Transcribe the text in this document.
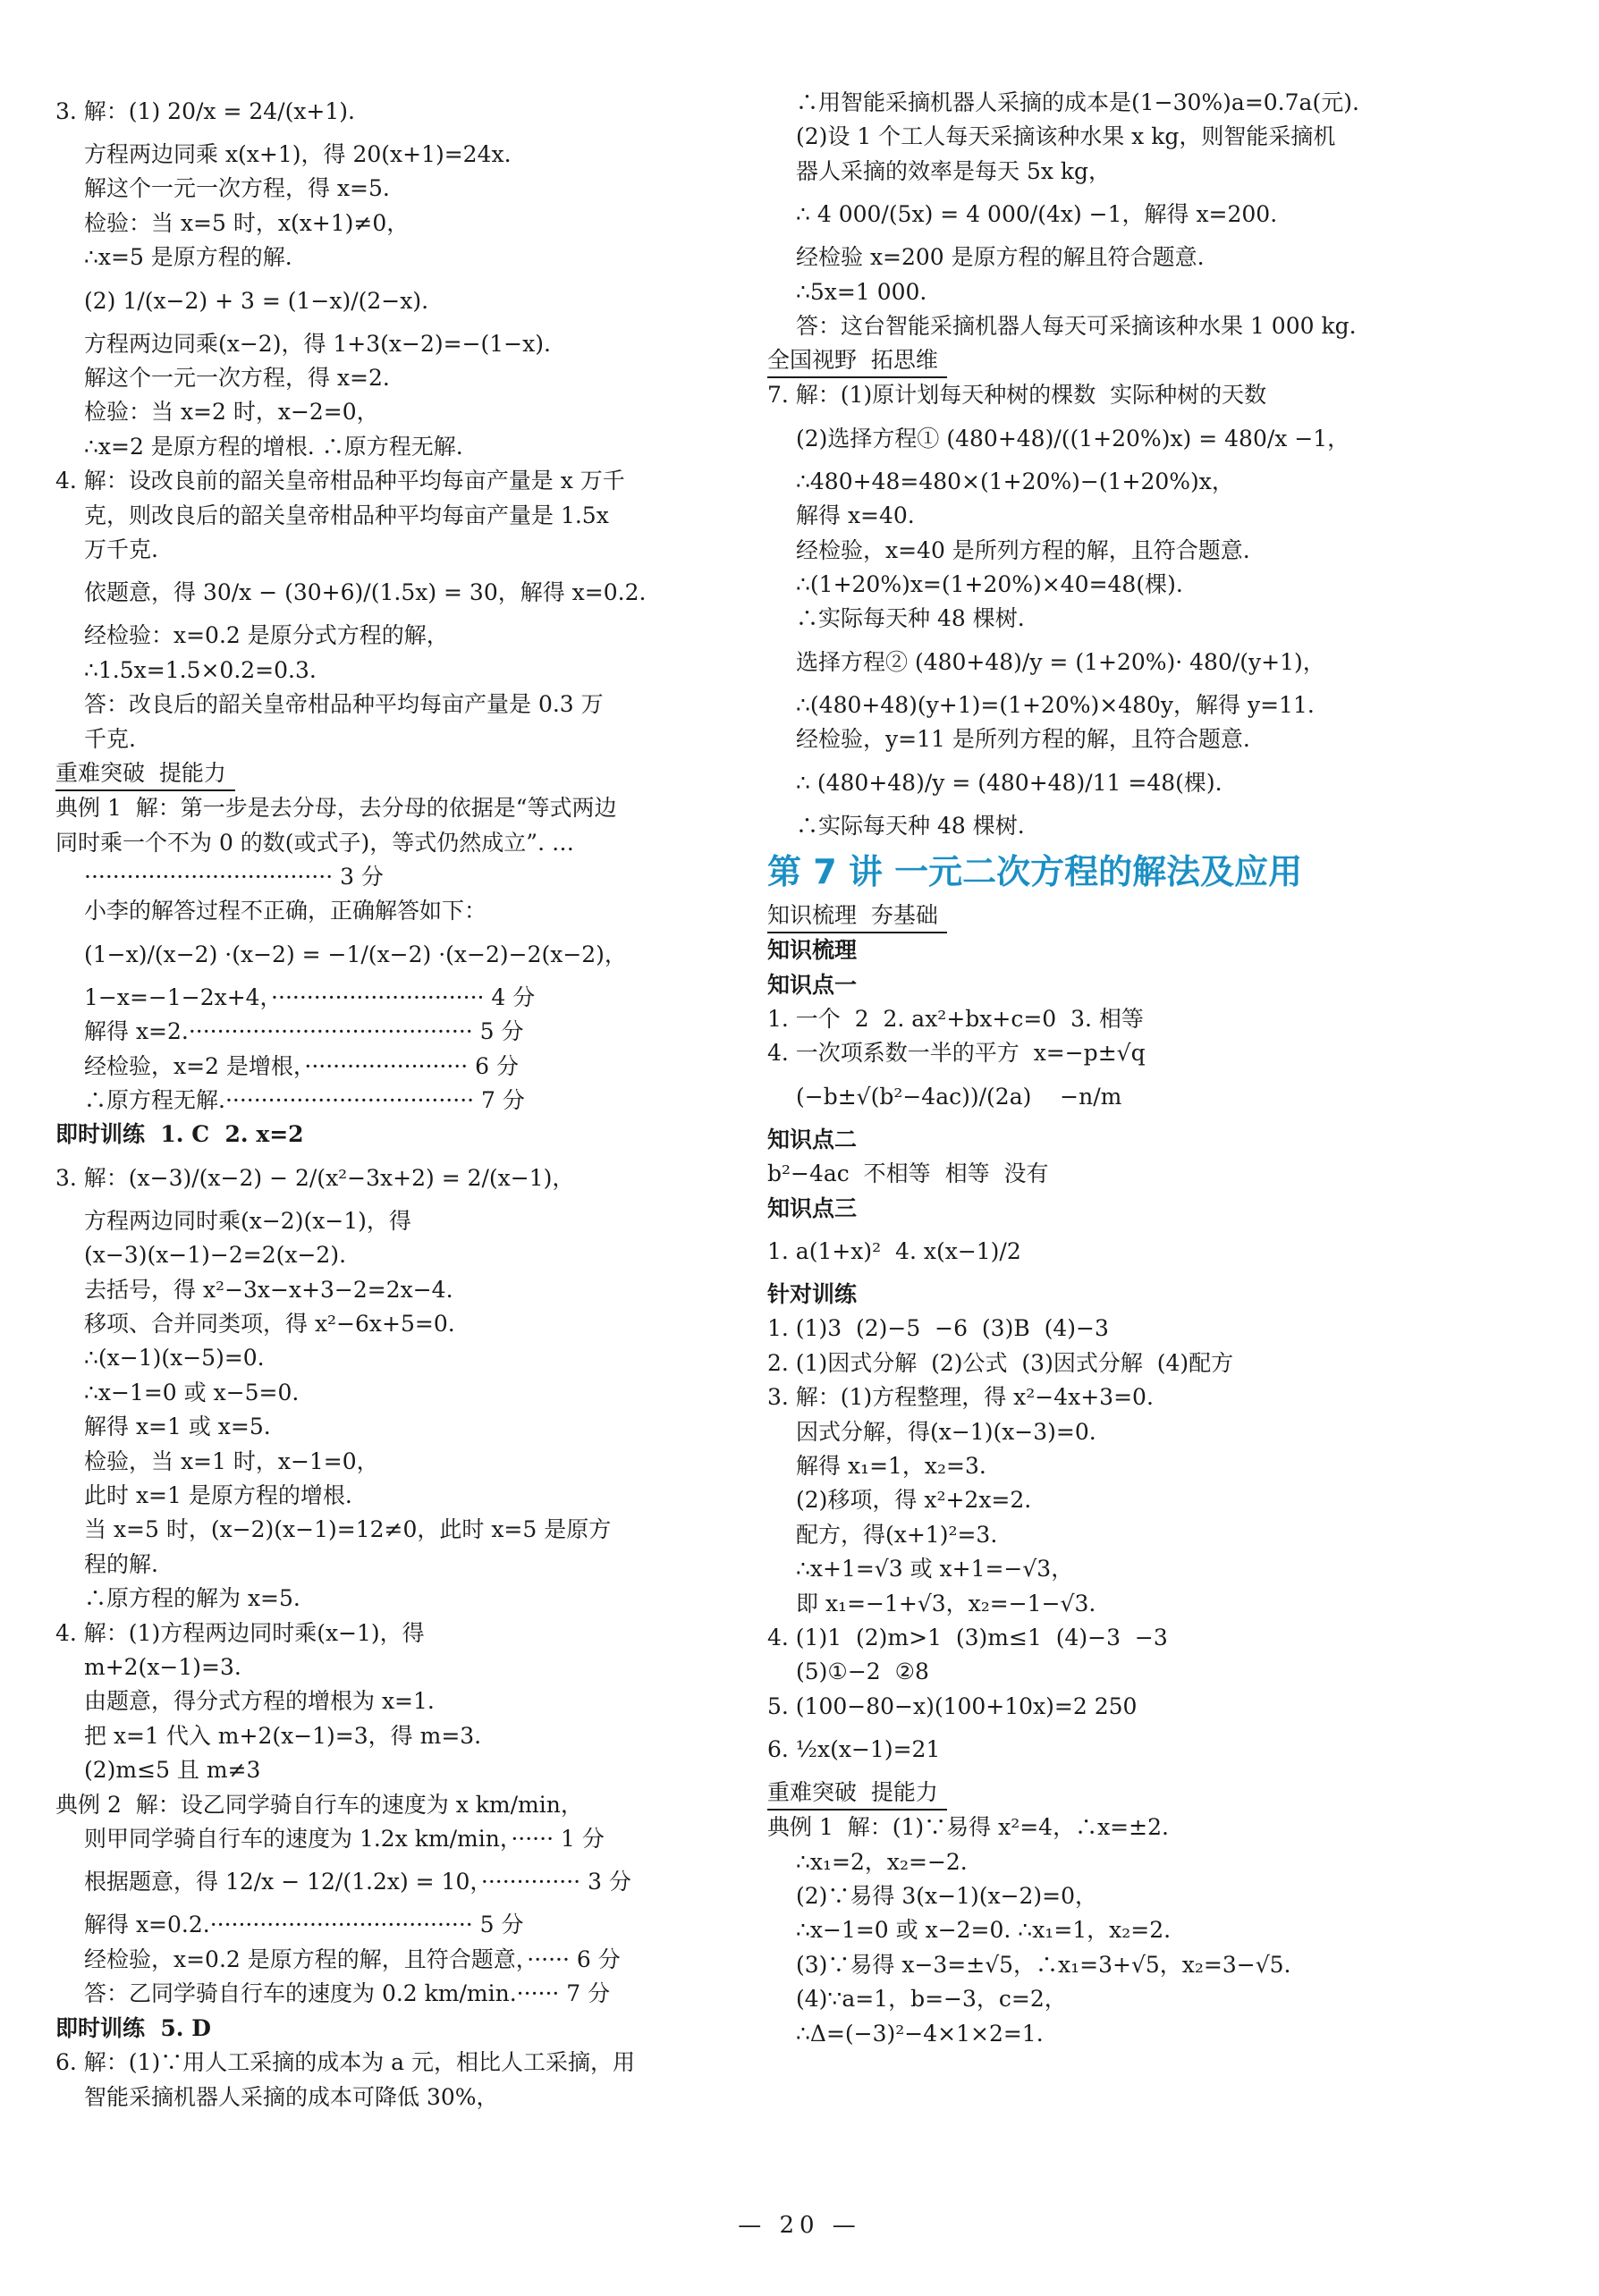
3. 解：(1) 20/x = 24/(x+1).
方程两边同乘 x(x+1)，得 20(x+1)=24x.
解这个一元一次方程，得 x=5.
检验：当 x=5 时，x(x+1)≠0，
∴x=5 是原方程的解.
(2) 1/(x−2) + 3 = (1−x)/(2−x).
方程两边同乘(x−2)，得 1+3(x−2)=−(1−x).
解这个一元一次方程，得 x=2.
检验：当 x=2 时，x−2=0，
∴x=2 是原方程的增根. ∴原方程无解.
4. 解：设改良前的韶关皇帝柑品种平均每亩产量是 x 万千
克，则改良后的韶关皇帝柑品种平均每亩产量是 1.5x
万千克.
依题意，得 30/x − (30+6)/(1.5x) = 30，解得 x=0.2.
经检验：x=0.2 是原分式方程的解，
∴1.5x=1.5×0.2=0.3.
答：改良后的韶关皇帝柑品种平均每亩产量是 0.3 万
千克.
重难突破  提能力
典例 1  解：第一步是去分母，去分母的依据是“等式两边
同时乘一个不为 0 的数(或式子)，等式仍然成立”. …
··································· 3 分
小李的解答过程不正确，正确解答如下：
(1−x)/(x−2) ·(x−2) = −1/(x−2) ·(x−2)−2(x−2)，
1−x=−1−2x+4，······························ 4 分
解得 x=2.········································ 5 分
经检验，x=2 是增根，······················· 6 分
∴原方程无解.··································· 7 分
即时训练  1. C  2. x=2
3. 解：(x−3)/(x−2) − 2/(x²−3x+2) = 2/(x−1)，
方程两边同时乘(x−2)(x−1)，得
(x−3)(x−1)−2=2(x−2).
去括号，得 x²−3x−x+3−2=2x−4.
移项、合并同类项，得 x²−6x+5=0.
∴(x−1)(x−5)=0.
∴x−1=0 或 x−5=0.
解得 x=1 或 x=5.
检验，当 x=1 时，x−1=0，
此时 x=1 是原方程的增根.
当 x=5 时，(x−2)(x−1)=12≠0，此时 x=5 是原方
程的解.
∴原方程的解为 x=5.
4. 解：(1)方程两边同时乘(x−1)，得
m+2(x−1)=3.
由题意，得分式方程的增根为 x=1.
把 x=1 代入 m+2(x−1)=3，得 m=3.
(2)m≤5 且 m≠3
典例 2  解：设乙同学骑自行车的速度为 x km/min，
则甲同学骑自行车的速度为 1.2x km/min，······ 1 分
根据题意，得 12/x − 12/(1.2x) = 10，·············· 3 分
解得 x=0.2.····································· 5 分
经检验，x=0.2 是原方程的解，且符合题意，······ 6 分
答：乙同学骑自行车的速度为 0.2 km/min.······ 7 分
即时训练  5. D
6. 解：(1)∵用人工采摘的成本为 a 元，相比人工采摘，用
智能采摘机器人采摘的成本可降低 30%，
∴用智能采摘机器人采摘的成本是(1−30%)a=0.7a(元).
(2)设 1 个工人每天采摘该种水果 x kg，则智能采摘机
器人采摘的效率是每天 5x kg，
∴ 4 000/(5x) = 4 000/(4x) −1，解得 x=200.
经检验 x=200 是原方程的解且符合题意.
∴5x=1 000.
答：这台智能采摘机器人每天可采摘该种水果 1 000 kg.
全国视野  拓思维
7. 解：(1)原计划每天种树的棵数  实际种树的天数
(2)选择方程① (480+48)/((1+20%)x) = 480/x −1，
∴480+48=480×(1+20%)−(1+20%)x，
解得 x=40.
经检验，x=40 是所列方程的解，且符合题意.
∴(1+20%)x=(1+20%)×40=48(棵).
∴实际每天种 48 棵树.
选择方程② (480+48)/y = (1+20%)· 480/(y+1)，
∴(480+48)(y+1)=(1+20%)×480y，解得 y=11.
经检验，y=11 是所列方程的解，且符合题意.
∴ (480+48)/y = (480+48)/11 =48(棵).
∴实际每天种 48 棵树.
第 7 讲 一元二次方程的解法及应用
知识梳理  夯基础
知识梳理
知识点一
1. 一个  2  2. ax²+bx+c=0  3. 相等
4. 一次项系数一半的平方  x=−p±√q
(−b±√(b²−4ac))/(2a)    −n/m
知识点二
b²−4ac  不相等  相等  没有
知识点三
1. a(1+x)²  4. x(x−1)/2
针对训练
1. (1)3  (2)−5  −6  (3)B  (4)−3
2. (1)因式分解  (2)公式  (3)因式分解  (4)配方
3. 解：(1)方程整理，得 x²−4x+3=0.
因式分解，得(x−1)(x−3)=0.
解得 x₁=1，x₂=3.
(2)移项，得 x²+2x=2.
配方，得(x+1)²=3.
∴x+1=√3 或 x+1=−√3，
即 x₁=−1+√3，x₂=−1−√3.
4. (1)1  (2)m>1  (3)m≤1  (4)−3  −3
(5)①−2  ②8
5. (100−80−x)(100+10x)=2 250
6. ½x(x−1)=21
重难突破  提能力
典例 1  解：(1)∵易得 x²=4，∴x=±2.
∴x₁=2，x₂=−2.
(2)∵易得 3(x−1)(x−2)=0，
∴x−1=0 或 x−2=0. ∴x₁=1，x₂=2.
(3)∵易得 x−3=±√5，∴x₁=3+√5，x₂=3−√5.
(4)∵a=1，b=−3，c=2，
∴Δ=(−3)²−4×1×2=1.
— 20 —
